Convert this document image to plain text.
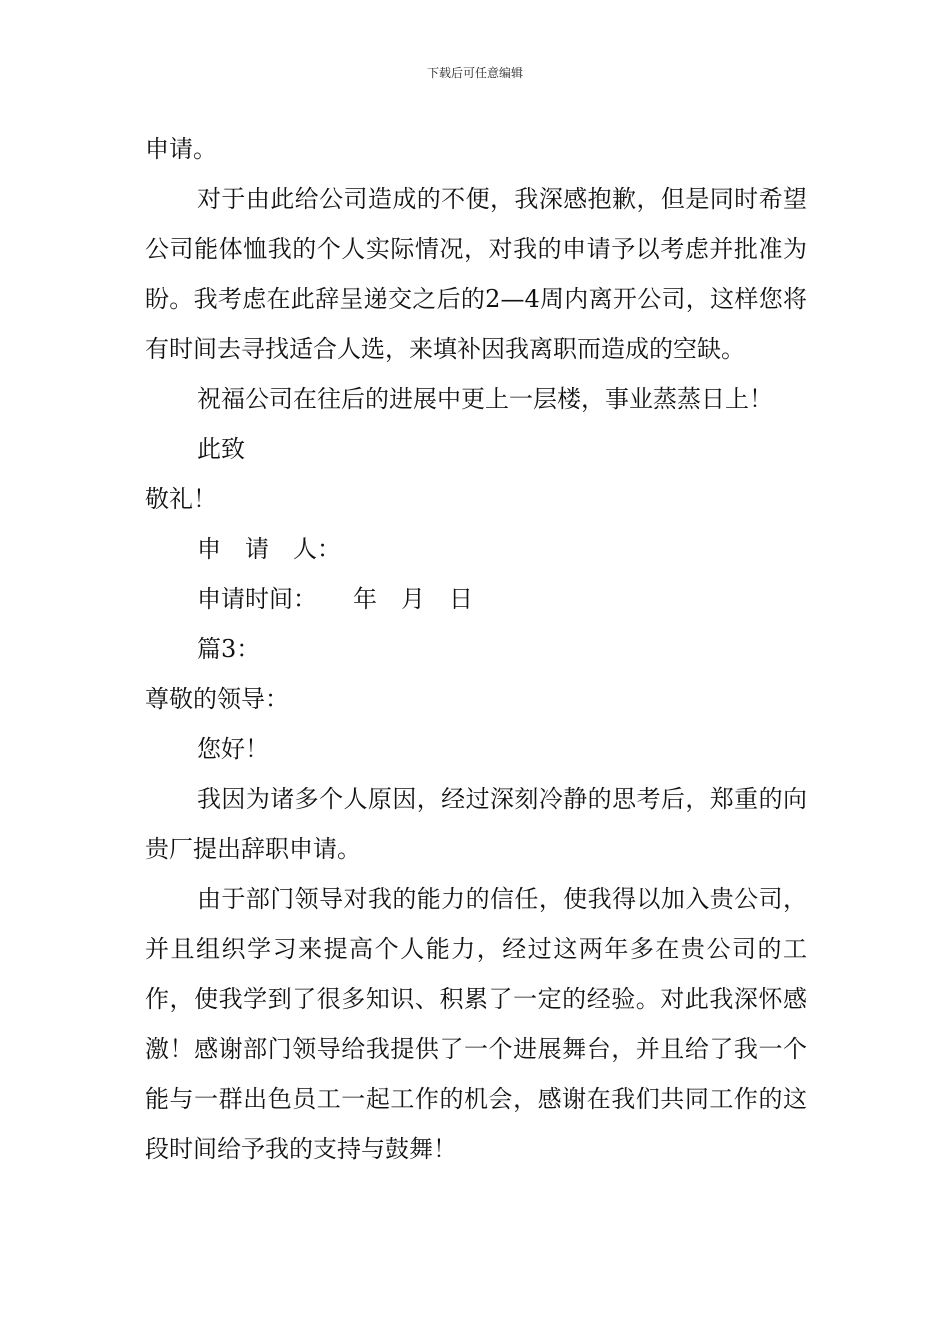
下载后可任意编辑

申请。

对于由此给公司造成的不便，我深感抱歉，但是同时希望公司能体恤我的个人实际情况，对我的申请予以考虑并批准为盼。我考虑在此辞呈递交之后的2—4周内离开公司，这样您将有时间去寻找适合人选，来填补因我离职而造成的空缺。

祝福公司在往后的进展中更上一层楼，事业蒸蒸日上！

此致

敬礼！

申　请　人：

申请时间：　　年　月　日

篇3：

尊敬的领导：

您好！

我因为诸多个人原因，经过深刻冷静的思考后，郑重的向贵厂提出辞职申请。

由于部门领导对我的能力的信任，使我得以加入贵公司，并且组织学习来提高个人能力，经过这两年多在贵公司的工作，使我学到了很多知识、积累了一定的经验。对此我深怀感激！感谢部门领导给我提供了一个进展舞台，并且给了我一个能与一群出色员工一起工作的机会，感谢在我们共同工作的这段时间给予我的支持与鼓舞！
